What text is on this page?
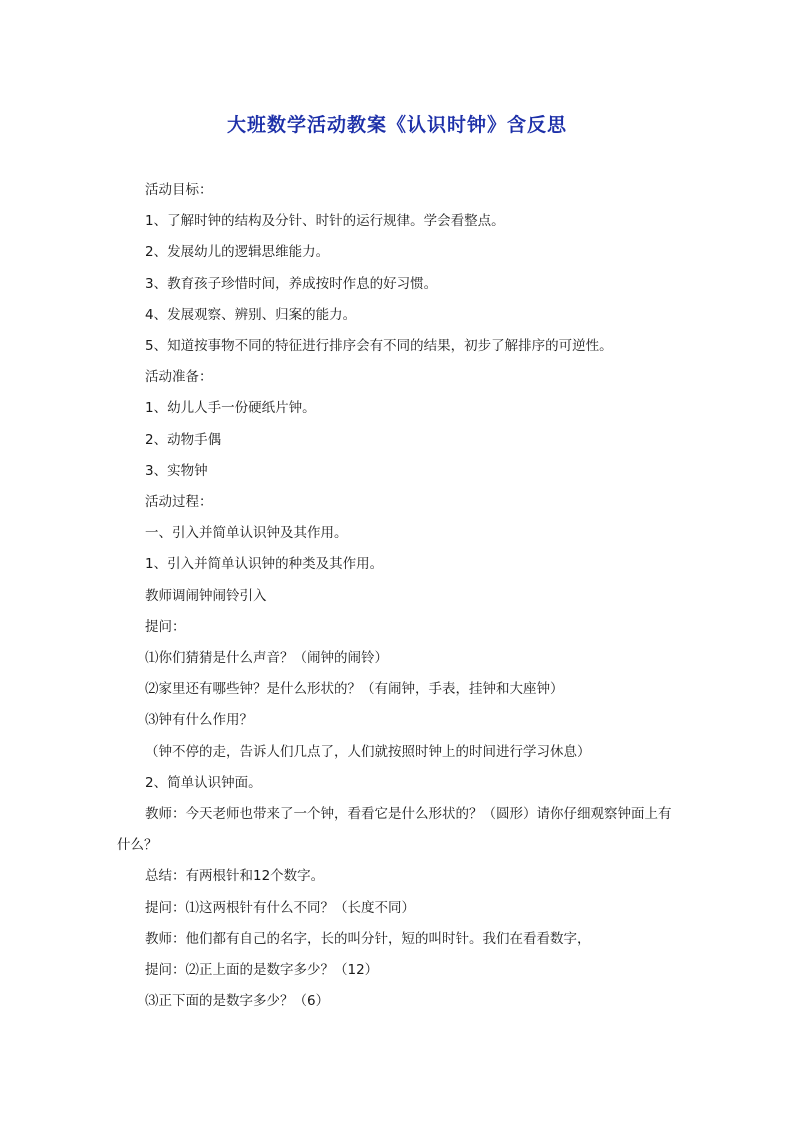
大班数学活动教案《认识时钟》含反思

活动目标：

1、了解时钟的结构及分针、时针的运行规律。学会看整点。

2、发展幼儿的逻辑思维能力。

3、教育孩子珍惜时间，养成按时作息的好习惯。

4、发展观察、辨别、归案的能力。

5、知道按事物不同的特征进行排序会有不同的结果，初步了解排序的可逆性。

活动准备：

1、幼儿人手一份硬纸片钟。

2、动物手偶

3、实物钟

活动过程：

一、引入并简单认识钟及其作用。

1、引入并简单认识钟的种类及其作用。

教师调闹钟闹铃引入

提问：

⑴你们猜猜是什么声音？（闹钟的闹铃）

⑵家里还有哪些钟？是什么形状的？（有闹钟，手表，挂钟和大座钟）

⑶钟有什么作用？

（钟不停的走，告诉人们几点了，人们就按照时钟上的时间进行学习休息）

2、简单认识钟面。

教师：今天老师也带来了一个钟，看看它是什么形状的？（圆形）请你仔细观察钟面上有什么？

总结：有两根针和12个数字。

提问：⑴这两根针有什么不同？（长度不同）

教师：他们都有自己的名字，长的叫分针，短的叫时针。我们在看看数字，

提问：⑵正上面的是数字多少？（12）

⑶正下面的是数字多少？（6）
